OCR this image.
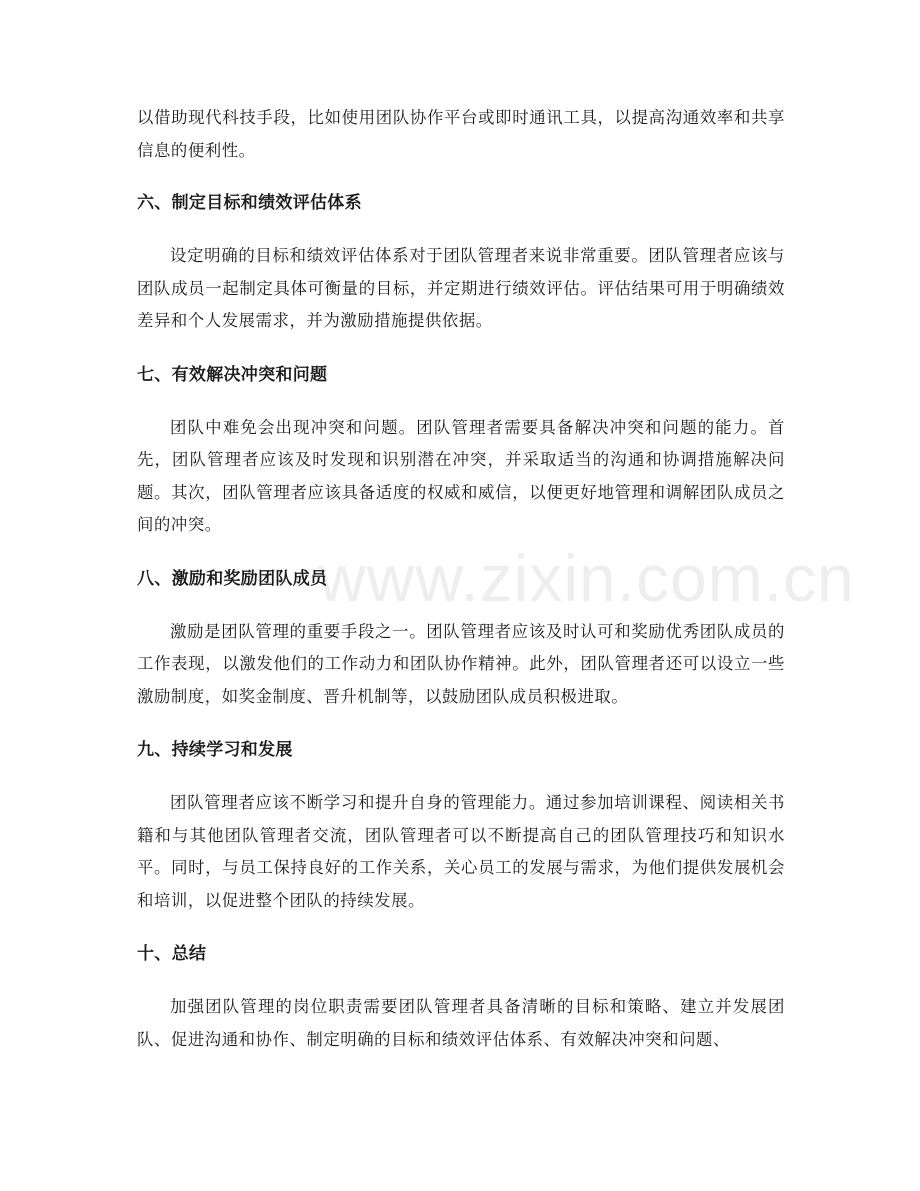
www.zixin.com.cn

以借助现代科技手段，比如使用团队协作平台或即时通讯工具，以提高沟通效率和共享信息的便利性。

六、制定目标和绩效评估体系

设定明确的目标和绩效评估体系对于团队管理者来说非常重要。团队管理者应该与团队成员一起制定具体可衡量的目标，并定期进行绩效评估。评估结果可用于明确绩效差异和个人发展需求，并为激励措施提供依据。

七、有效解决冲突和问题

团队中难免会出现冲突和问题。团队管理者需要具备解决冲突和问题的能力。首先，团队管理者应该及时发现和识别潜在冲突，并采取适当的沟通和协调措施解决问题。其次，团队管理者应该具备适度的权威和威信，以便更好地管理和调解团队成员之间的冲突。

八、激励和奖励团队成员

激励是团队管理的重要手段之一。团队管理者应该及时认可和奖励优秀团队成员的工作表现，以激发他们的工作动力和团队协作精神。此外，团队管理者还可以设立一些激励制度，如奖金制度、晋升机制等，以鼓励团队成员积极进取。

九、持续学习和发展

团队管理者应该不断学习和提升自身的管理能力。通过参加培训课程、阅读相关书籍和与其他团队管理者交流，团队管理者可以不断提高自己的团队管理技巧和知识水平。同时，与员工保持良好的工作关系，关心员工的发展与需求，为他们提供发展机会和培训，以促进整个团队的持续发展。

十、总结

加强团队管理的岗位职责需要团队管理者具备清晰的目标和策略、建立并发展团队、促进沟通和协作、制定明确的目标和绩效评估体系、有效解决冲突和问题、
